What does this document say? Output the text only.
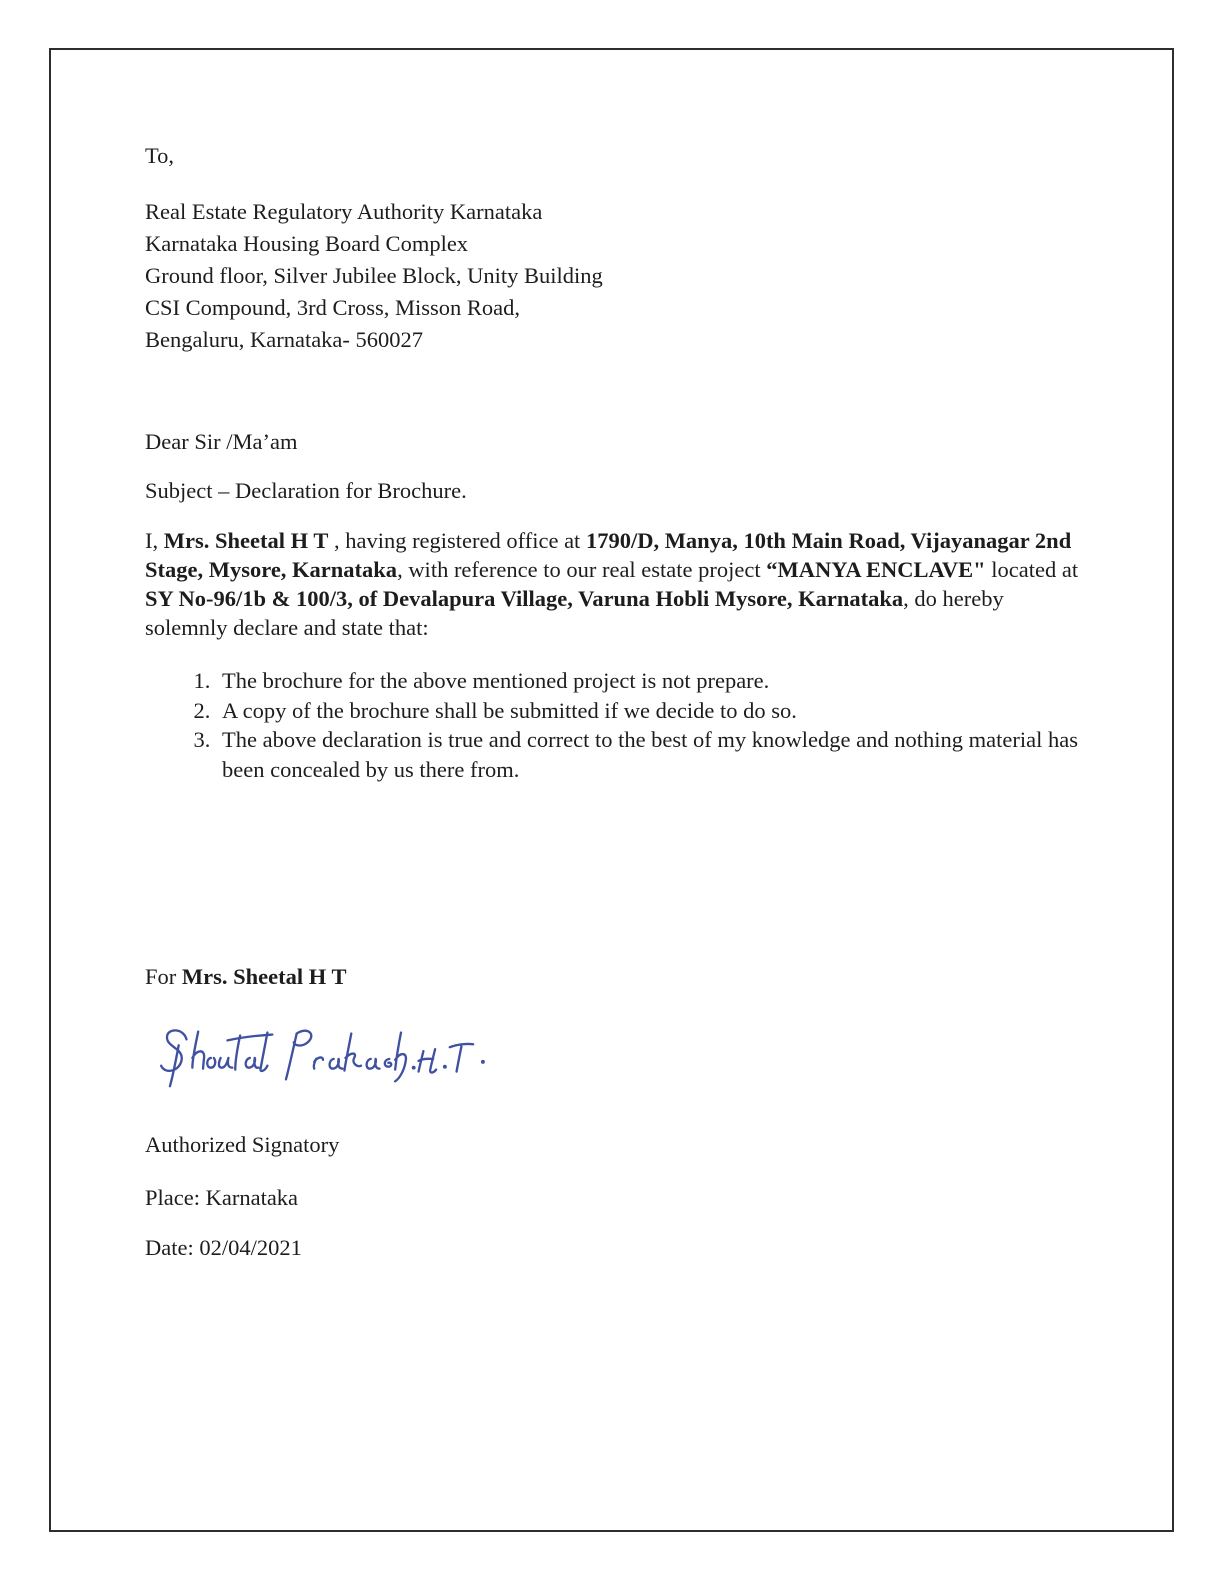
To,
Real Estate Regulatory Authority Karnataka
Karnataka Housing Board Complex
Ground floor, Silver Jubilee Block, Unity Building
CSI Compound, 3rd Cross, Misson Road,
Bengaluru, Karnataka- 560027
Dear Sir /Ma’am
Subject – Declaration for Brochure.
I, Mrs. Sheetal H T , having registered office at 1790/D, Manya, 10th Main Road, Vijayanagar 2nd Stage, Mysore, Karnataka, with reference to our real estate project “MANYA ENCLAVE" located at SY No-96/1b & 100/3, of Devalapura Village, Varuna Hobli Mysore, Karnataka, do hereby solemnly declare and state that:
1. The brochure for the above mentioned project is not prepare.
2. A copy of the brochure shall be submitted if we decide to do so.
3. The above declaration is true and correct to the best of my knowledge and nothing material has been concealed by us there from.
For Mrs. Sheetal H T
Authorized Signatory
Place: Karnataka
Date: 02/04/2021
